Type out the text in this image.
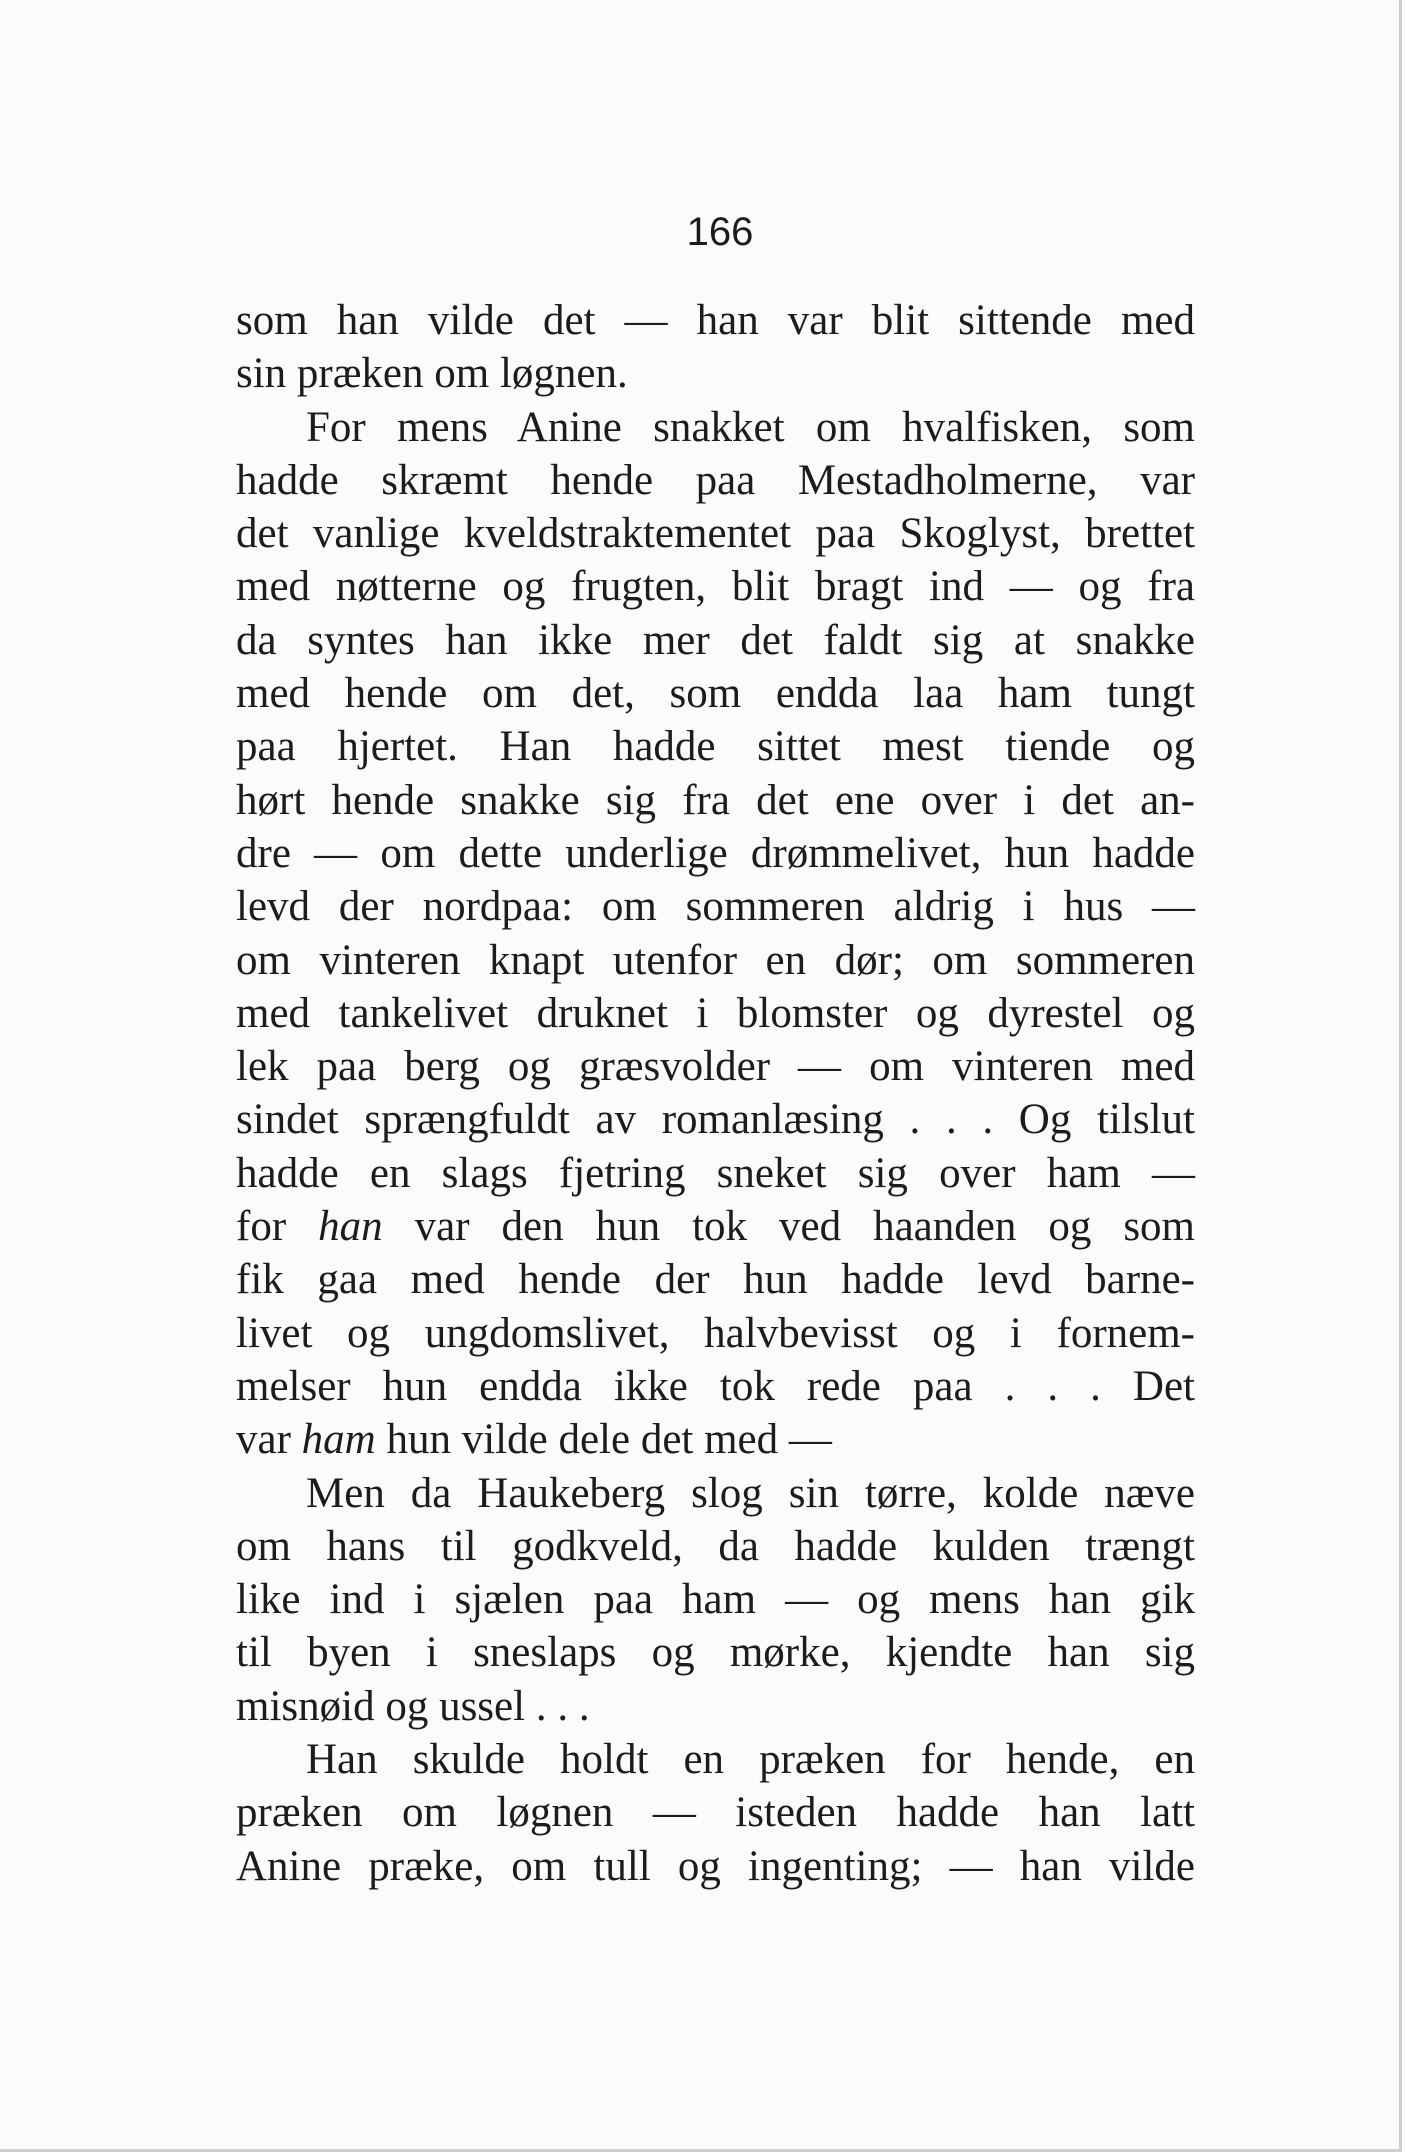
166
som han vilde det — han var blit sittende med
sin præken om løgnen.
For mens Anine snakket om hvalfisken, som
hadde skræmt hende paa Mestadholmerne, var
det vanlige kveldstraktementet paa Skoglyst, brettet
med nøtterne og frugten, blit bragt ind — og fra
da syntes han ikke mer det faldt sig at snakke
med hende om det, som endda laa ham tungt
paa hjertet. Han hadde sittet mest tiende og
hørt hende snakke sig fra det ene over i det an-
dre — om dette underlige drømmelivet, hun hadde
levd der nordpaa: om sommeren aldrig i hus —
om vinteren knapt utenfor en dør; om sommeren
med tankelivet druknet i blomster og dyrestel og
lek paa berg og græsvolder — om vinteren med
sindet sprængfuldt av romanlæsing . . . Og tilslut
hadde en slags fjetring sneket sig over ham —
for han var den hun tok ved haanden og som
fik gaa med hende der hun hadde levd barne-
livet og ungdomslivet, halvbevisst og i fornem-
melser hun endda ikke tok rede paa . . . Det
var ham hun vilde dele det med —
Men da Haukeberg slog sin tørre, kolde næve
om hans til godkveld, da hadde kulden trængt
like ind i sjælen paa ham — og mens han gik
til byen i sneslaps og mørke, kjendte han sig
misnøid og ussel . . .
Han skulde holdt en præken for hende, en
præken om løgnen — isteden hadde han latt
Anine præke, om tull og ingenting; — han vilde
